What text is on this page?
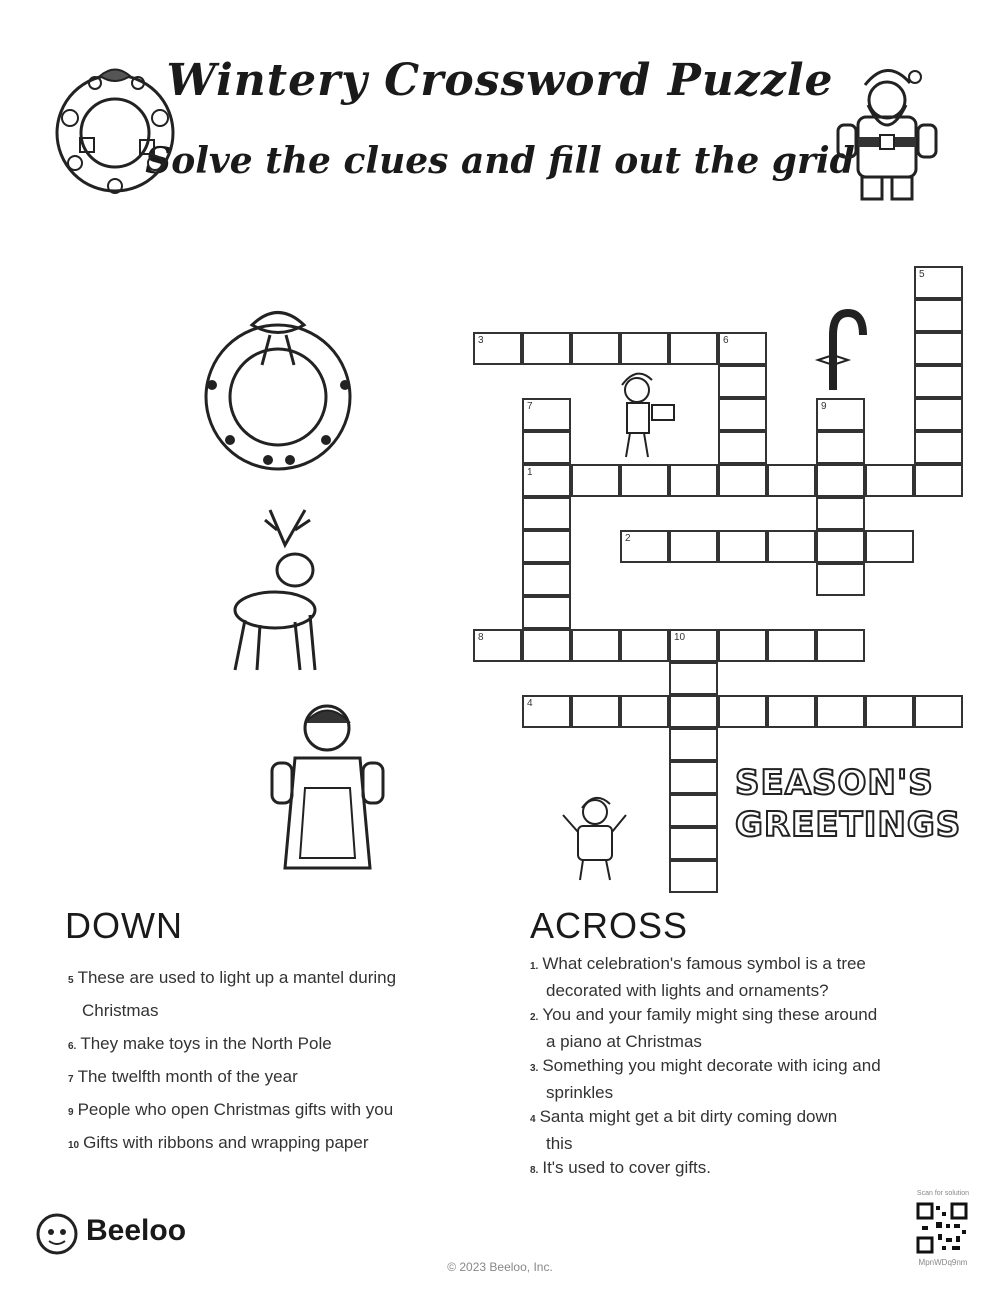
Wintery Crossword Puzzle
Solve the clues and fill out the grid
SEASON'S
GREETINGS
3	6
5
7
1
9
2
8	10
4
DOWN
5 These are used to light up a mantel during
Christmas
6. They make toys in the North Pole
7 The twelfth month of the year
9 People who open Christmas gifts with you
10 Gifts with ribbons and wrapping paper
ACROSS
1. What celebration's famous symbol is a tree
decorated with lights and ornaments?
2. You and your family might sing these around
a piano at Christmas
3. Something you might decorate with icing and
sprinkles
4 Santa might get a bit dirty coming down
this
8. It's used to cover gifts.
Beeloo
© 2023 Beeloo, Inc.
Scan for solution
MpnWDq9nm
